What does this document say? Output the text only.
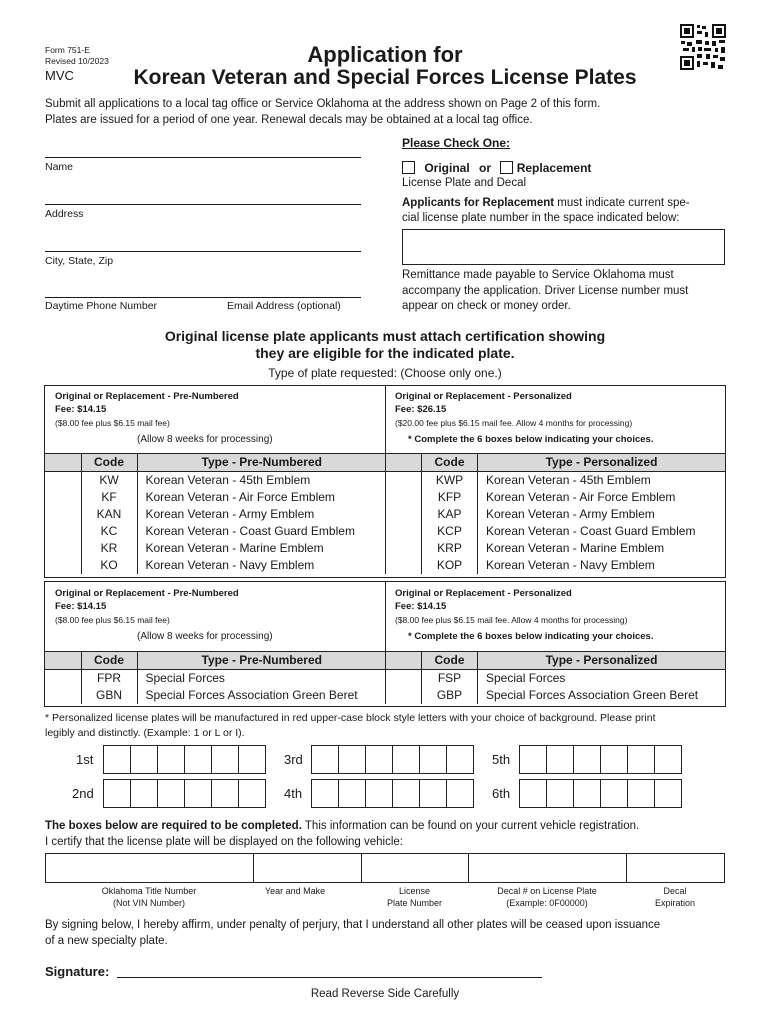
Form 751-E
Revised 10/2023
MVC
Application for
Korean Veteran and Special Forces License Plates
Submit all applications to a local tag office or Service Oklahoma at the address shown on Page 2 of this form.
Plates are issued for a period of one year. Renewal decals may be obtained at a local tag office.
Name
Address
City, State, Zip
Daytime Phone Number	Email Address (optional)
Please Check One:
Original or Replacement
License Plate and Decal
Applicants for Replacement must indicate current spe-
cial license plate number in the space indicated below:
Remittance made payable to Service Oklahoma must
accompany the application. Driver License number must
appear on check or money order.
Original license plate applicants must attach certification showing
they are eligible for the indicated plate.
Type of plate requested: (Choose only one.)
Original or Replacement - Pre-Numbered
Fee: $14.15
($8.00 fee plus $6.15 mail fee)
(Allow 8 weeks for processing)
Original or Replacement - Personalized
Fee: $26.15
($20.00 fee plus $6.15 mail fee. Allow 4 months for processing)
* Complete the 6 boxes below indicating your choices.
	Code	Type - Pre-Numbered
	KW	Korean Veteran - 45th Emblem
	KF	Korean Veteran - Air Force Emblem
	KAN	Korean Veteran - Army Emblem
	KC	Korean Veteran - Coast Guard Emblem
	KR	Korean Veteran - Marine Emblem
	KO	Korean Veteran - Navy Emblem
	Code	Type - Personalized
	KWP	Korean Veteran - 45th Emblem
	KFP	Korean Veteran - Air Force Emblem
	KAP	Korean Veteran - Army Emblem
	KCP	Korean Veteran - Coast Guard Emblem
	KRP	Korean Veteran - Marine Emblem
	KOP	Korean Veteran - Navy Emblem
Original or Replacement - Pre-Numbered
Fee: $14.15
($8.00 fee plus $6.15 mail fee)
(Allow 8 weeks for processing)
Original or Replacement - Personalized
Fee: $14.15
($8.00 fee plus $6.15 mail fee. Allow 4 months for processing)
* Complete the 6 boxes below indicating your choices.
	Code	Type - Pre-Numbered
	FPR	Special Forces
	GBN	Special Forces Association Green Beret
	Code	Type - Personalized
	FSP	Special Forces
	GBP	Special Forces Association Green Beret
* Personalized license plates will be manufactured in red upper-case block style letters with your choice of background. Please print
legibly and distinctly. (Example: 1 or L or I).
1st	3rd	5th
2nd	4th	6th
The boxes below are required to be completed. This information can be found on your current vehicle registration.
I certify that the license plate will be displayed on the following vehicle:
Oklahoma Title Number
(Not VIN Number)
Year and Make	License
Plate Number
Decal # on License Plate
(Example: 0F00000)
Decal
Expiration
By signing below, I hereby affirm, under penalty of perjury, that I understand all other plates will be ceased upon issuance
of a new specialty plate.
Signature:
Read Reverse Side Carefully
